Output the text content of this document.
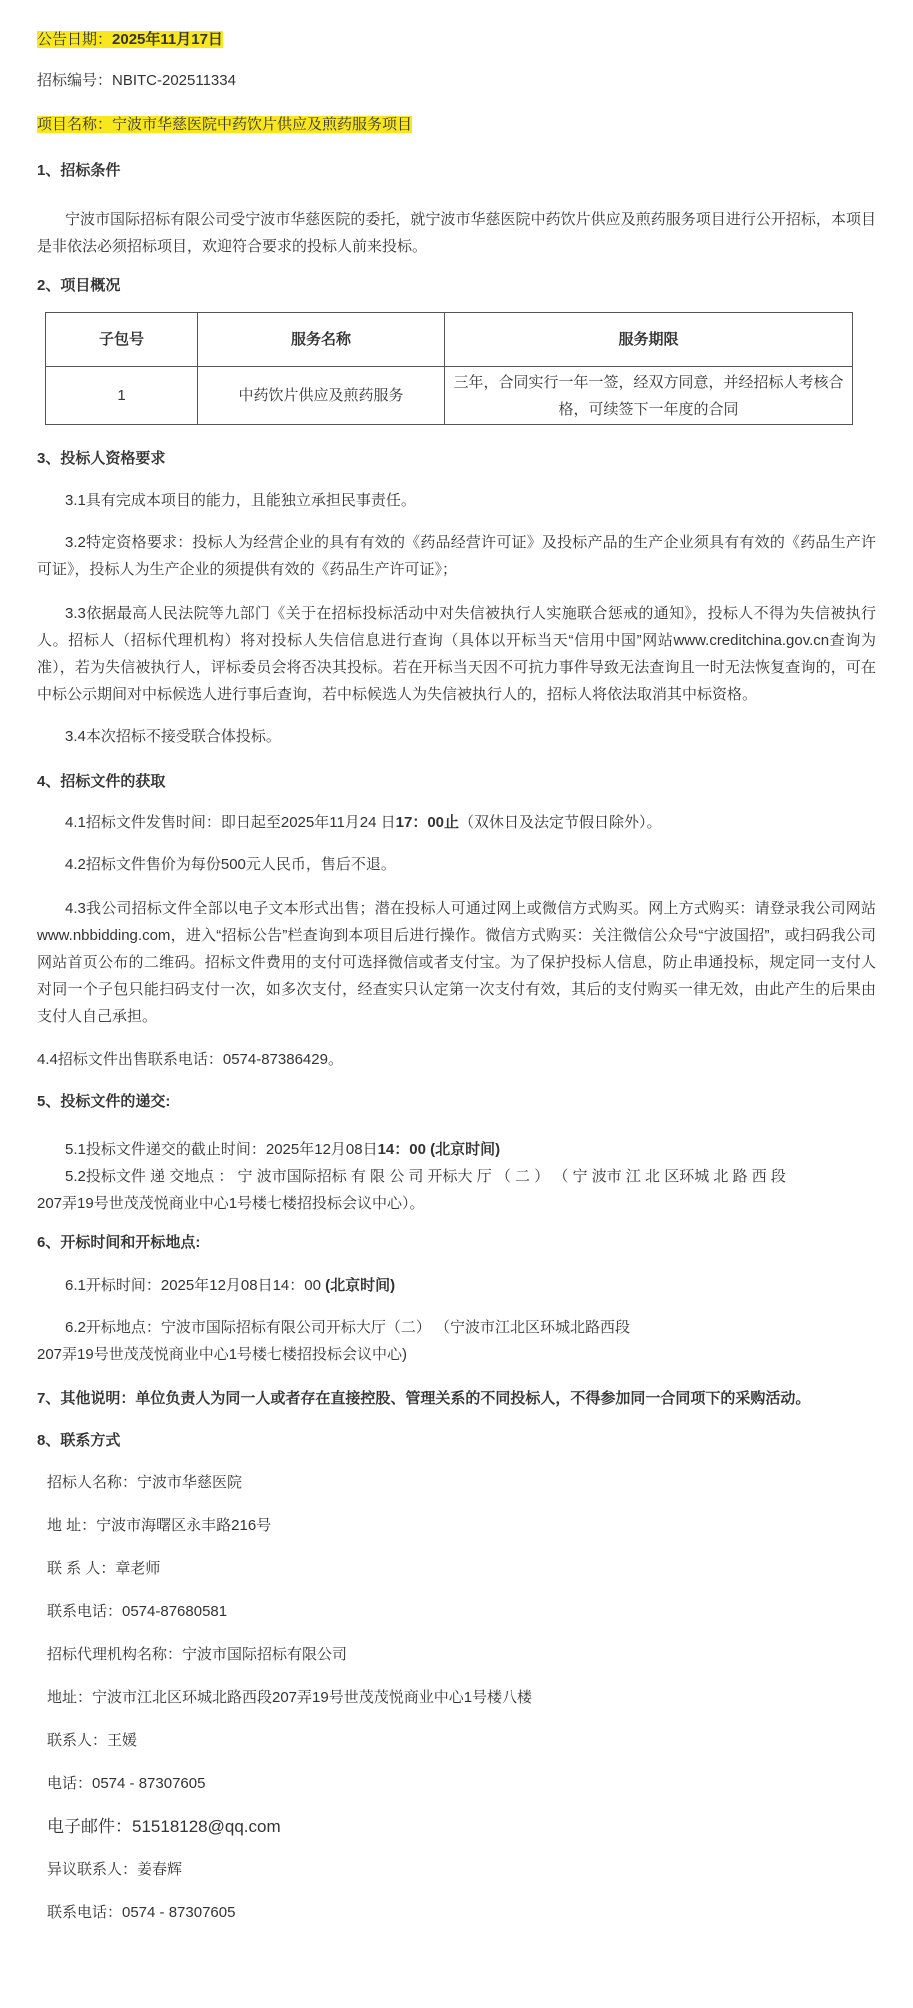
公告日期：2025年11月17日

招标编号：NBITC-202511334

项目名称：宁波市华慈医院中药饮片供应及煎药服务项目

1、招标条件

宁波市国际招标有限公司受宁波市华慈医院的委托，就宁波市华慈医院中药饮片供应及煎药服务项目进行公开招标，本项目是非依法必须招标项目，欢迎符合要求的投标人前来投标。

2、项目概况

子包号	服务名称	服务期限
1	中药饮片供应及煎药服务	三年，合同实行一年一签，经双方同意，并经招标人考核合格，可续签下一年度的合同

3、投标人资格要求

3.1具有完成本项目的能力，且能独立承担民事责任。

3.2特定资格要求：投标人为经营企业的具有有效的《药品经营许可证》及投标产品的生产企业须具有有效的《药品生产许可证》，投标人为生产企业的须提供有效的《药品生产许可证》；

3.3依据最高人民法院等九部门《关于在招标投标活动中对失信被执行人实施联合惩戒的通知》，投标人不得为失信被执行人。招标人（招标代理机构）将对投标人失信信息进行查询（具体以开标当天“信用中国”网站www.creditchina.gov.cn查询为准），若为失信被执行人，评标委员会将否决其投标。若在开标当天因不可抗力事件导致无法查询且一时无法恢复查询的，可在中标公示期间对中标候选人进行事后查询，若中标候选人为失信被执行人的，招标人将依法取消其中标资格。

3.4本次招标不接受联合体投标。

4、招标文件的获取

4.1招标文件发售时间：即日起至2025年11月24 日17：00止（双休日及法定节假日除外）。

4.2招标文件售价为每份500元人民币，售后不退。

4.3我公司招标文件全部以电子文本形式出售；潜在投标人可通过网上或微信方式购买。网上方式购买：请登录我公司网站www.nbbidding.com，进入“招标公告”栏查询到本项目后进行操作。微信方式购买：关注微信公众号“宁波国招”，或扫码我公司网站首页公布的二维码。招标文件费用的支付可选择微信或者支付宝。为了保护投标人信息，防止串通投标，规定同一支付人对同一个子包只能扫码支付一次，如多次支付，经查实只认定第一次支付有效，其后的支付购买一律无效，由此产生的后果由支付人自己承担。

4.4招标文件出售联系电话：0574-87386429。

5、投标文件的递交:

5.1投标文件递交的截止时间：2025年12月08日14：00 (北京时间)

5.2投标文件 递 交地点 ： 宁 波市国际招标 有 限 公 司 开标大 厅 （ 二 ） （ 宁 波市 江 北 区环城 北 路 西 段

207弄19号世茂茂悦商业中心1号楼七楼招投标会议中心）。

6、开标时间和开标地点:

6.1开标时间：2025年12月08日14：00 (北京时间)

6.2开标地点：宁波市国际招标有限公司开标大厅（二） （宁波市江北区环城北路西段

207弄19号世茂茂悦商业中心1号楼七楼招投标会议中心)

7、其他说明：单位负责人为同一人或者存在直接控股、管理关系的不同投标人，不得参加同一合同项下的采购活动。

8、联系方式

招标人名称：宁波市华慈医院

地 址：宁波市海曙区永丰路216号

联 系 人：章老师

联系电话：0574-87680581

招标代理机构名称：宁波市国际招标有限公司

地址：宁波市江北区环城北路西段207弄19号世茂茂悦商业中心1号楼八楼

联系人：王媛

电话：0574 - 87307605

电子邮件：51518128@qq.com

异议联系人：姜春辉

联系电话：0574 - 87307605
